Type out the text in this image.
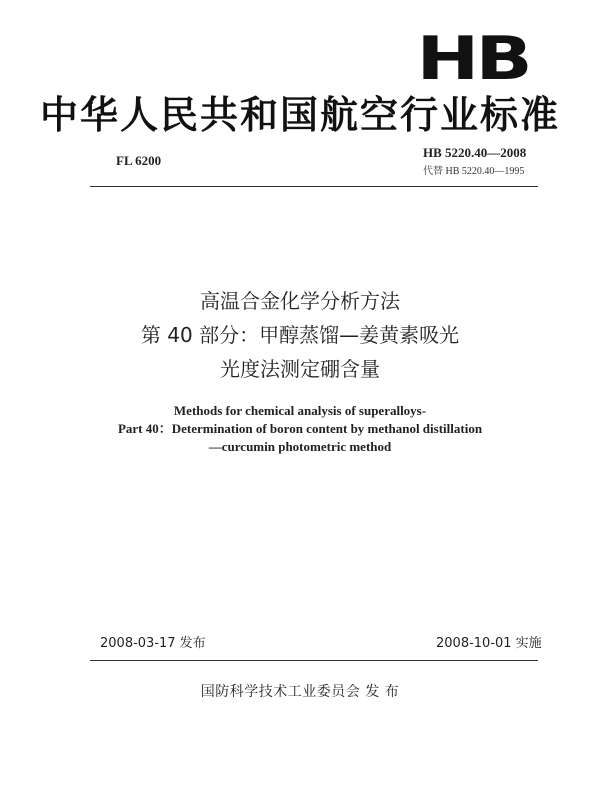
HB
中华人民共和国航空行业标准
FL 6200
HB 5220.40—2008
代替 HB 5220.40—1995
高温合金化学分析方法
第 40 部分：甲醇蒸馏—姜黄素吸光
光度法测定硼含量
Methods for chemical analysis of superalloys-
Part 40：Determination of boron content by methanol distillation
—curcumin photometric method
2008-03-17 发布	2008-10-01 实施
国防科学技术工业委员会 发 布
